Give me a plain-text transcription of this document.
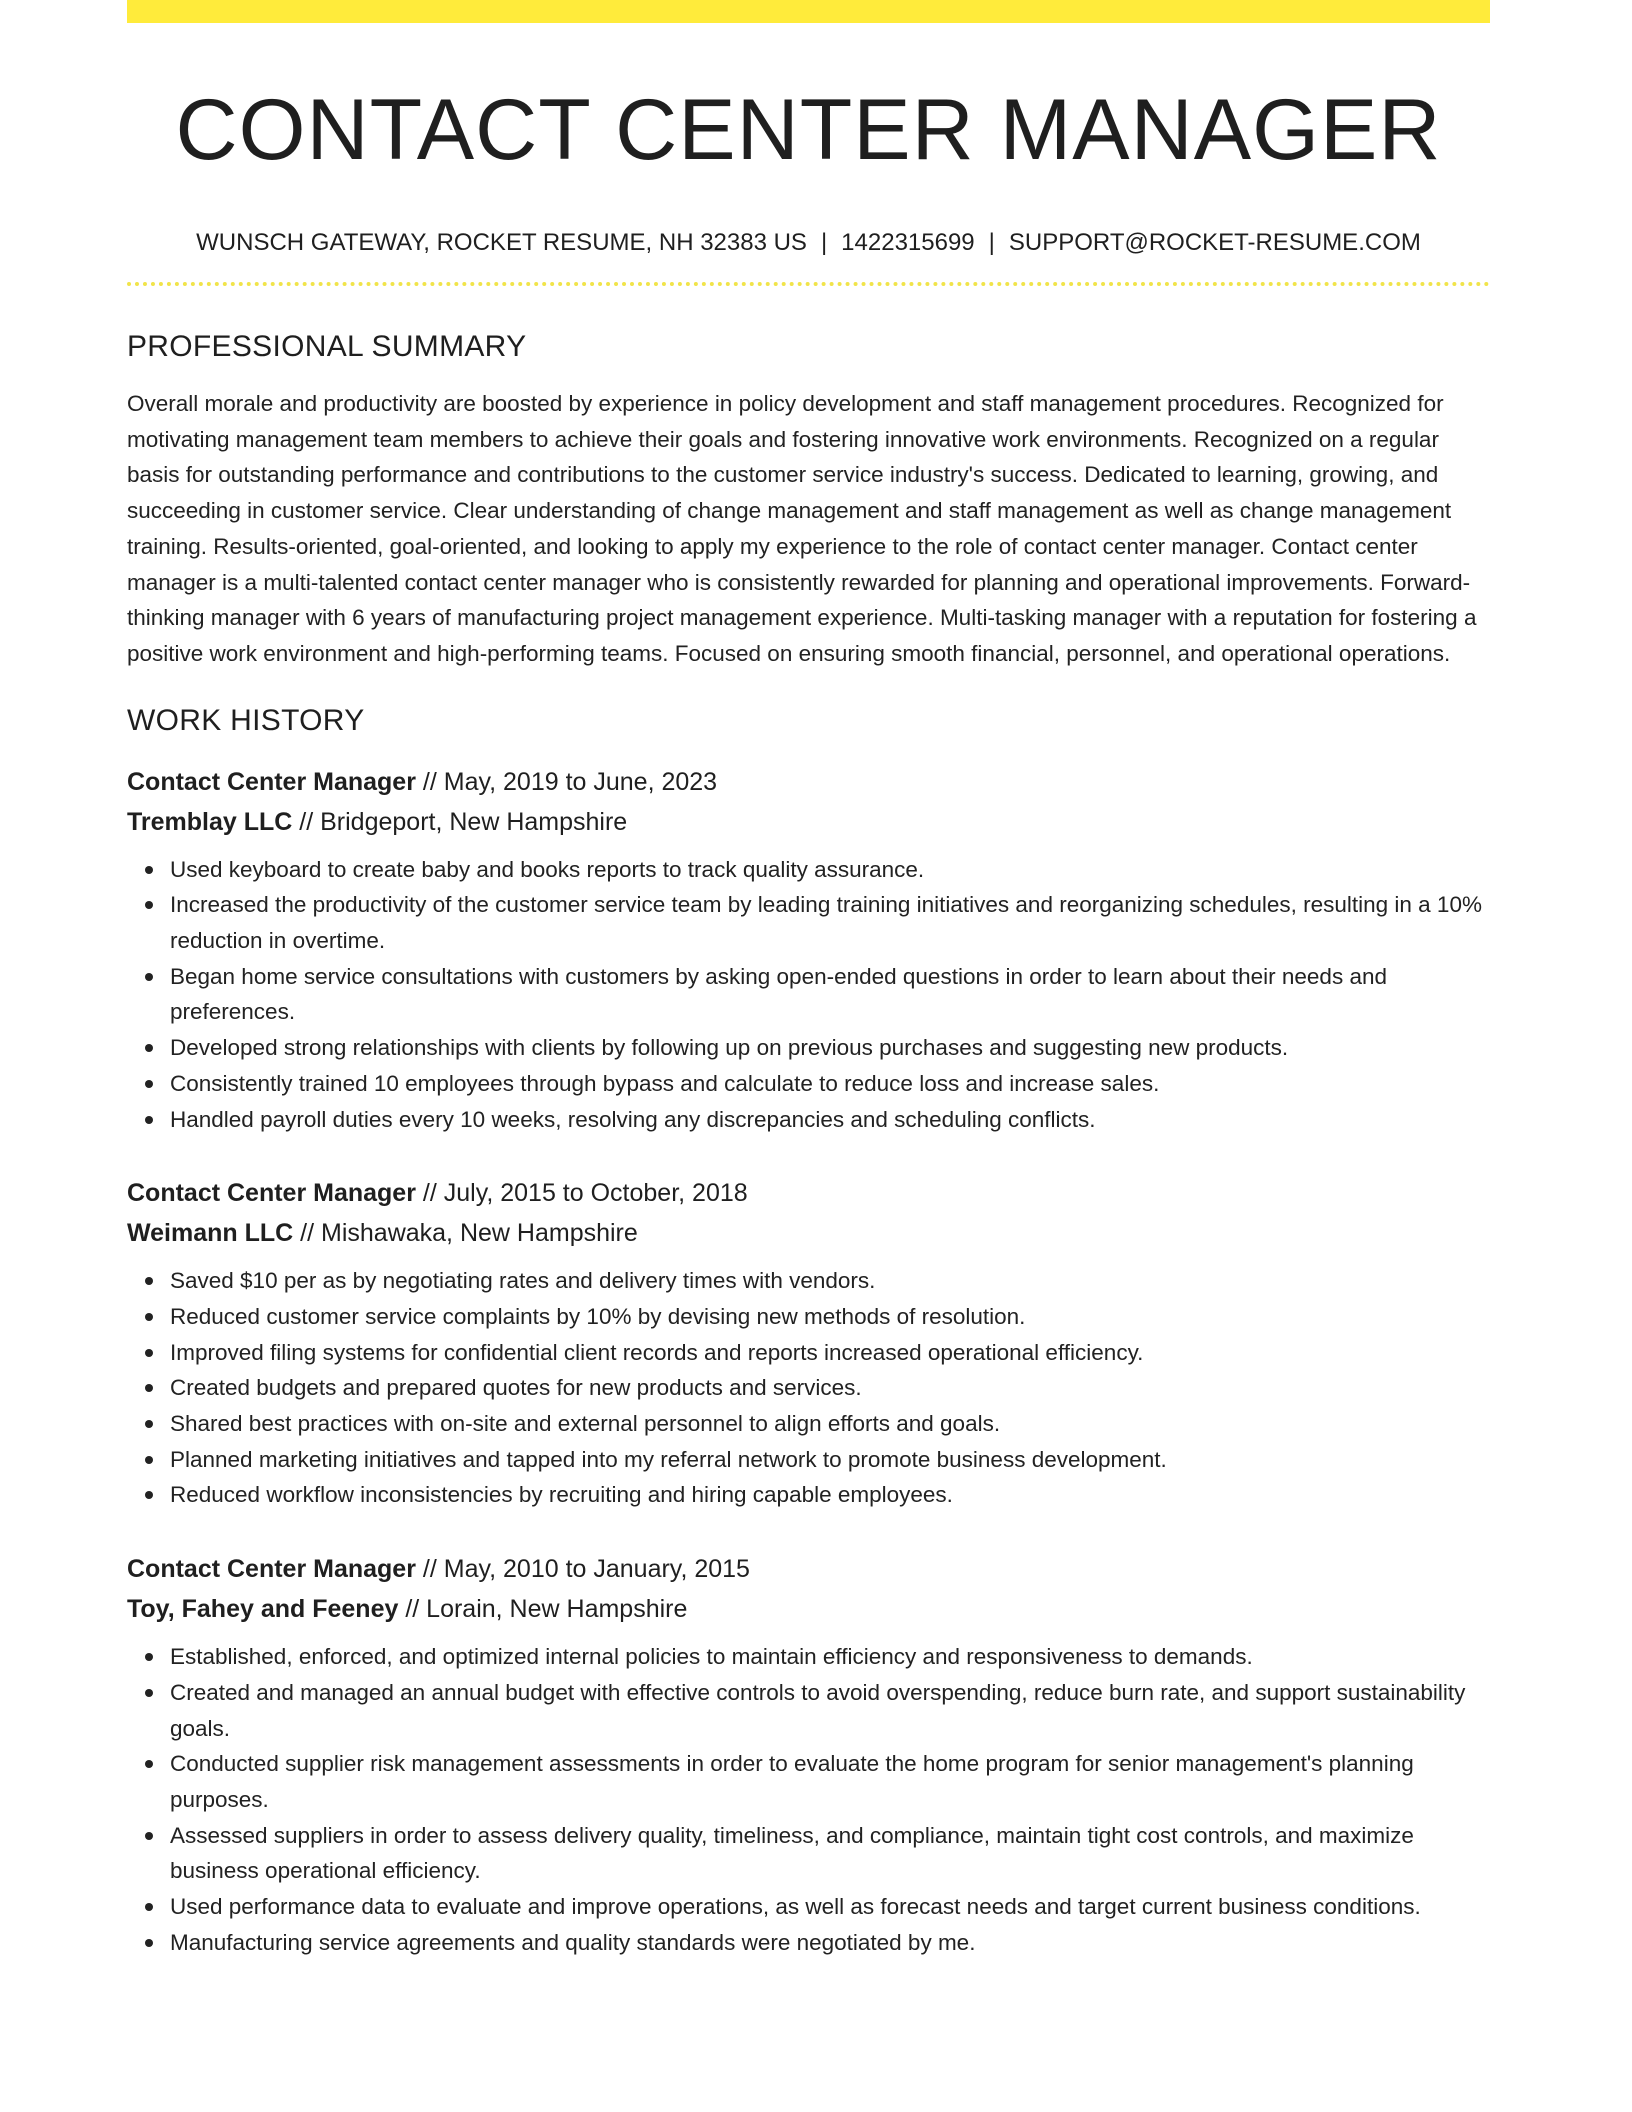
CONTACT CENTER MANAGER
WUNSCH GATEWAY, ROCKET RESUME, NH 32383 US | 1422315699 | SUPPORT@ROCKET-RESUME.COM
PROFESSIONAL SUMMARY

Overall morale and productivity are boosted by experience in policy development and staff management procedures. Recognized for motivating management team members to achieve their goals and fostering innovative work environments. Recognized on a regular basis for outstanding performance and contributions to the customer service industry's success. Dedicated to learning, growing, and succeeding in customer service. Clear understanding of change management and staff management as well as change management training. Results-oriented, goal-oriented, and looking to apply my experience to the role of contact center manager. Contact center manager is a multi-talented contact center manager who is consistently rewarded for planning and operational improvements. Forward-thinking manager with 6 years of manufacturing project management experience. Multi-tasking manager with a reputation for fostering a positive work environment and high-performing teams. Focused on ensuring smooth financial, personnel, and operational operations.

WORK HISTORY
Contact Center Manager // May, 2019 to June, 2023
Tremblay LLC // Bridgeport, New Hampshire
Used keyboard to create baby and books reports to track quality assurance.
Increased the productivity of the customer service team by leading training initiatives and reorganizing schedules, resulting in a 10% reduction in overtime.
Began home service consultations with customers by asking open-ended questions in order to learn about their needs and preferences.
Developed strong relationships with clients by following up on previous purchases and suggesting new products.
Consistently trained 10 employees through bypass and calculate to reduce loss and increase sales.
Handled payroll duties every 10 weeks, resolving any discrepancies and scheduling conflicts.
Contact Center Manager // July, 2015 to October, 2018
Weimann LLC // Mishawaka, New Hampshire
Saved $10 per as by negotiating rates and delivery times with vendors.
Reduced customer service complaints by 10% by devising new methods of resolution.
Improved filing systems for confidential client records and reports increased operational efficiency.
Created budgets and prepared quotes for new products and services.
Shared best practices with on-site and external personnel to align efforts and goals.
Planned marketing initiatives and tapped into my referral network to promote business development.
Reduced workflow inconsistencies by recruiting and hiring capable employees.
Contact Center Manager // May, 2010 to January, 2015
Toy, Fahey and Feeney // Lorain, New Hampshire
Established, enforced, and optimized internal policies to maintain efficiency and responsiveness to demands.
Created and managed an annual budget with effective controls to avoid overspending, reduce burn rate, and support sustainability goals.
Conducted supplier risk management assessments in order to evaluate the home program for senior management's planning purposes.
Assessed suppliers in order to assess delivery quality, timeliness, and compliance, maintain tight cost controls, and maximize business operational efficiency.
Used performance data to evaluate and improve operations, as well as forecast needs and target current business conditions.
Manufacturing service agreements and quality standards were negotiated by me.
